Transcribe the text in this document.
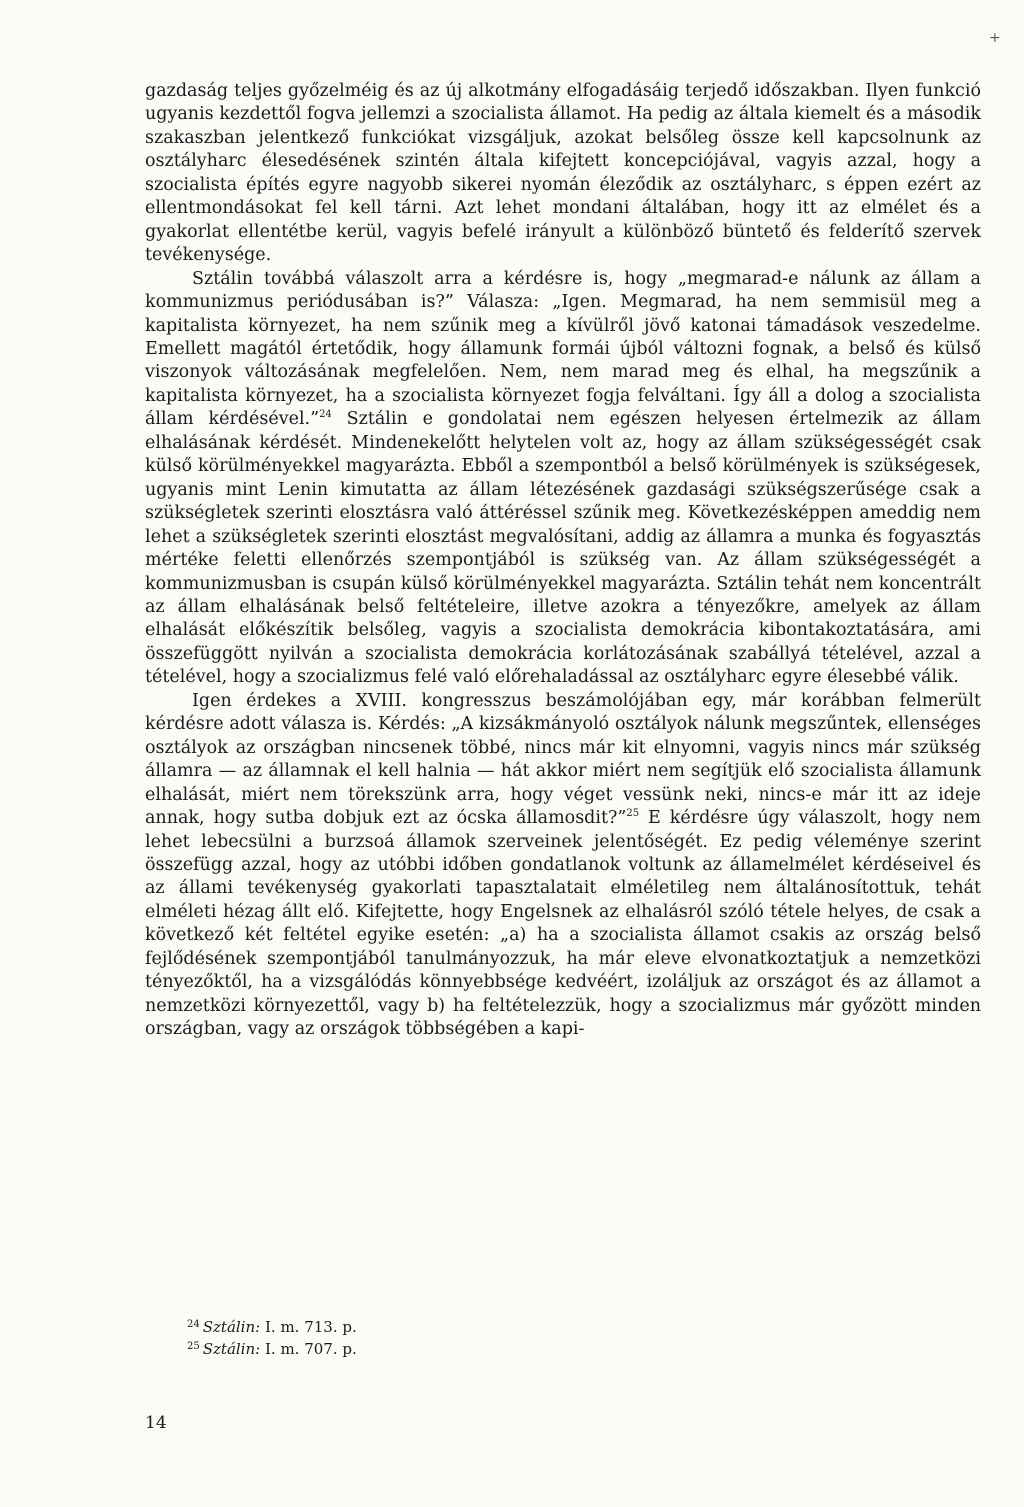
gazdaság teljes győzelméig és az új alkotmány elfogadásáig terjedő időszakban. Ilyen funkció ugyanis kezdettől fogva jellemzi a szocialista államot. Ha pedig az általa kiemelt és a második szakaszban jelentkező funkciókat vizsgáljuk, azokat belsőleg össze kell kapcsolnunk az osztályharc élesedésének szintén általa kifejtett koncepciójával, vagyis azzal, hogy a szocialista építés egyre nagyobb sikerei nyomán éleződik az osztályharc, s éppen ezért az ellentmondásokat fel kell tárni. Azt lehet mondani általában, hogy itt az elmélet és a gyakorlat ellentétbe kerül, vagyis befelé irányult a különböző büntető és felderítő szervek tevékenysége.

Sztálin továbbá válaszolt arra a kérdésre is, hogy „megmarad-e nálunk az állam a kommunizmus periódusában is?” Válasza: „Igen. Megmarad, ha nem semmisül meg a kapitalista környezet, ha nem szűnik meg a kívülről jövő katonai támadások veszedelme. Emellett magától értetődik, hogy államunk formái újból változni fognak, a belső és külső viszonyok változásának megfelelően. Nem, nem marad meg és elhal, ha megszűnik a kapitalista környezet, ha a szocialista környezet fogja felváltani. Így áll a dolog a szocialista állam kérdésével.”$^{24}$ Sztálin e gondolatai nem egészen helyesen értelmezik az állam elhalásának kérdését. Mindenekelőtt helytelen volt az, hogy az állam szükségességét csak külső körülményekkel magyarázta. Ebből a szempontból a belső körülmények is szükségesek, ugyanis mint Lenin kimutatta az állam létezésének gazdasági szükségszerűsége csak a szükségletek szerinti elosztásra való áttéréssel szűnik meg. Következésképpen ameddig nem lehet a szükségletek szerinti elosztást megvalósítani, addig az államra a munka és fogyasztás mértéke feletti ellenőrzés szempontjából is szükség van. Az állam szükségességét a kommunizmusban is csupán külső körülményekkel magyarázta. Sztálin tehát nem koncentrált az állam elhalásának belső feltételeire, illetve azokra a tényezőkre, amelyek az állam elhalását előkészítik belsőleg, vagyis a szocialista demokrácia kibontakoztatására, ami összefüggött nyilván a szocialista demokrácia korlátozásának szabállyá tételével, azzal a tételével, hogy a szocializmus felé való előrehaladással az osztályharc egyre élesebbé válik.

Igen érdekes a XVIII. kongresszus beszámolójában egy, már korábban felmerült kérdésre adott válasza is. Kérdés: „A kizsákmányoló osztályok nálunk megszűntek, ellenséges osztályok az országban nincsenek többé, nincs már kit elnyomni, vagyis nincs már szükség államra — az államnak el kell halnia — hát akkor miért nem segítjük elő szocialista államunk elhalását, miért nem törekszünk arra, hogy véget vessünk neki, nincs-e már itt az ideje annak, hogy sutba dobjuk ezt az ócska államosdit?”$^{25}$ E kérdésre úgy válaszolt, hogy nem lehet lebecsülni a burzsoá államok szerveinek jelentőségét. Ez pedig véleménye szerint összefügg azzal, hogy az utóbbi időben gondatlanok voltunk az államelmélet kérdéseivel és az állami tevékenység gyakorlati tapasztalatait elméletileg nem általánosítottuk, tehát elméleti hézag állt elő. Kifejtette, hogy Engelsnek az elhalásról szóló tétele helyes, de csak a következő két feltétel egyike esetén: „a) ha a szocialista államot csakis az ország belső fejlődésének szempontjából tanulmányozzuk, ha már eleve elvonatkoztatjuk a nemzetközi tényezőktől, ha a vizsgálódás könnyebbsége kedvéért, izoláljuk az országot és az államot a nemzetközi környezettől, vagy b) ha feltételezzük, hogy a szocializmus már győzött minden országban, vagy az országok többségében a kapi-

$^{24}$ Sztálin: I. m. 713. p.
$^{25}$ Sztálin: I. m. 707. p.
14
+
